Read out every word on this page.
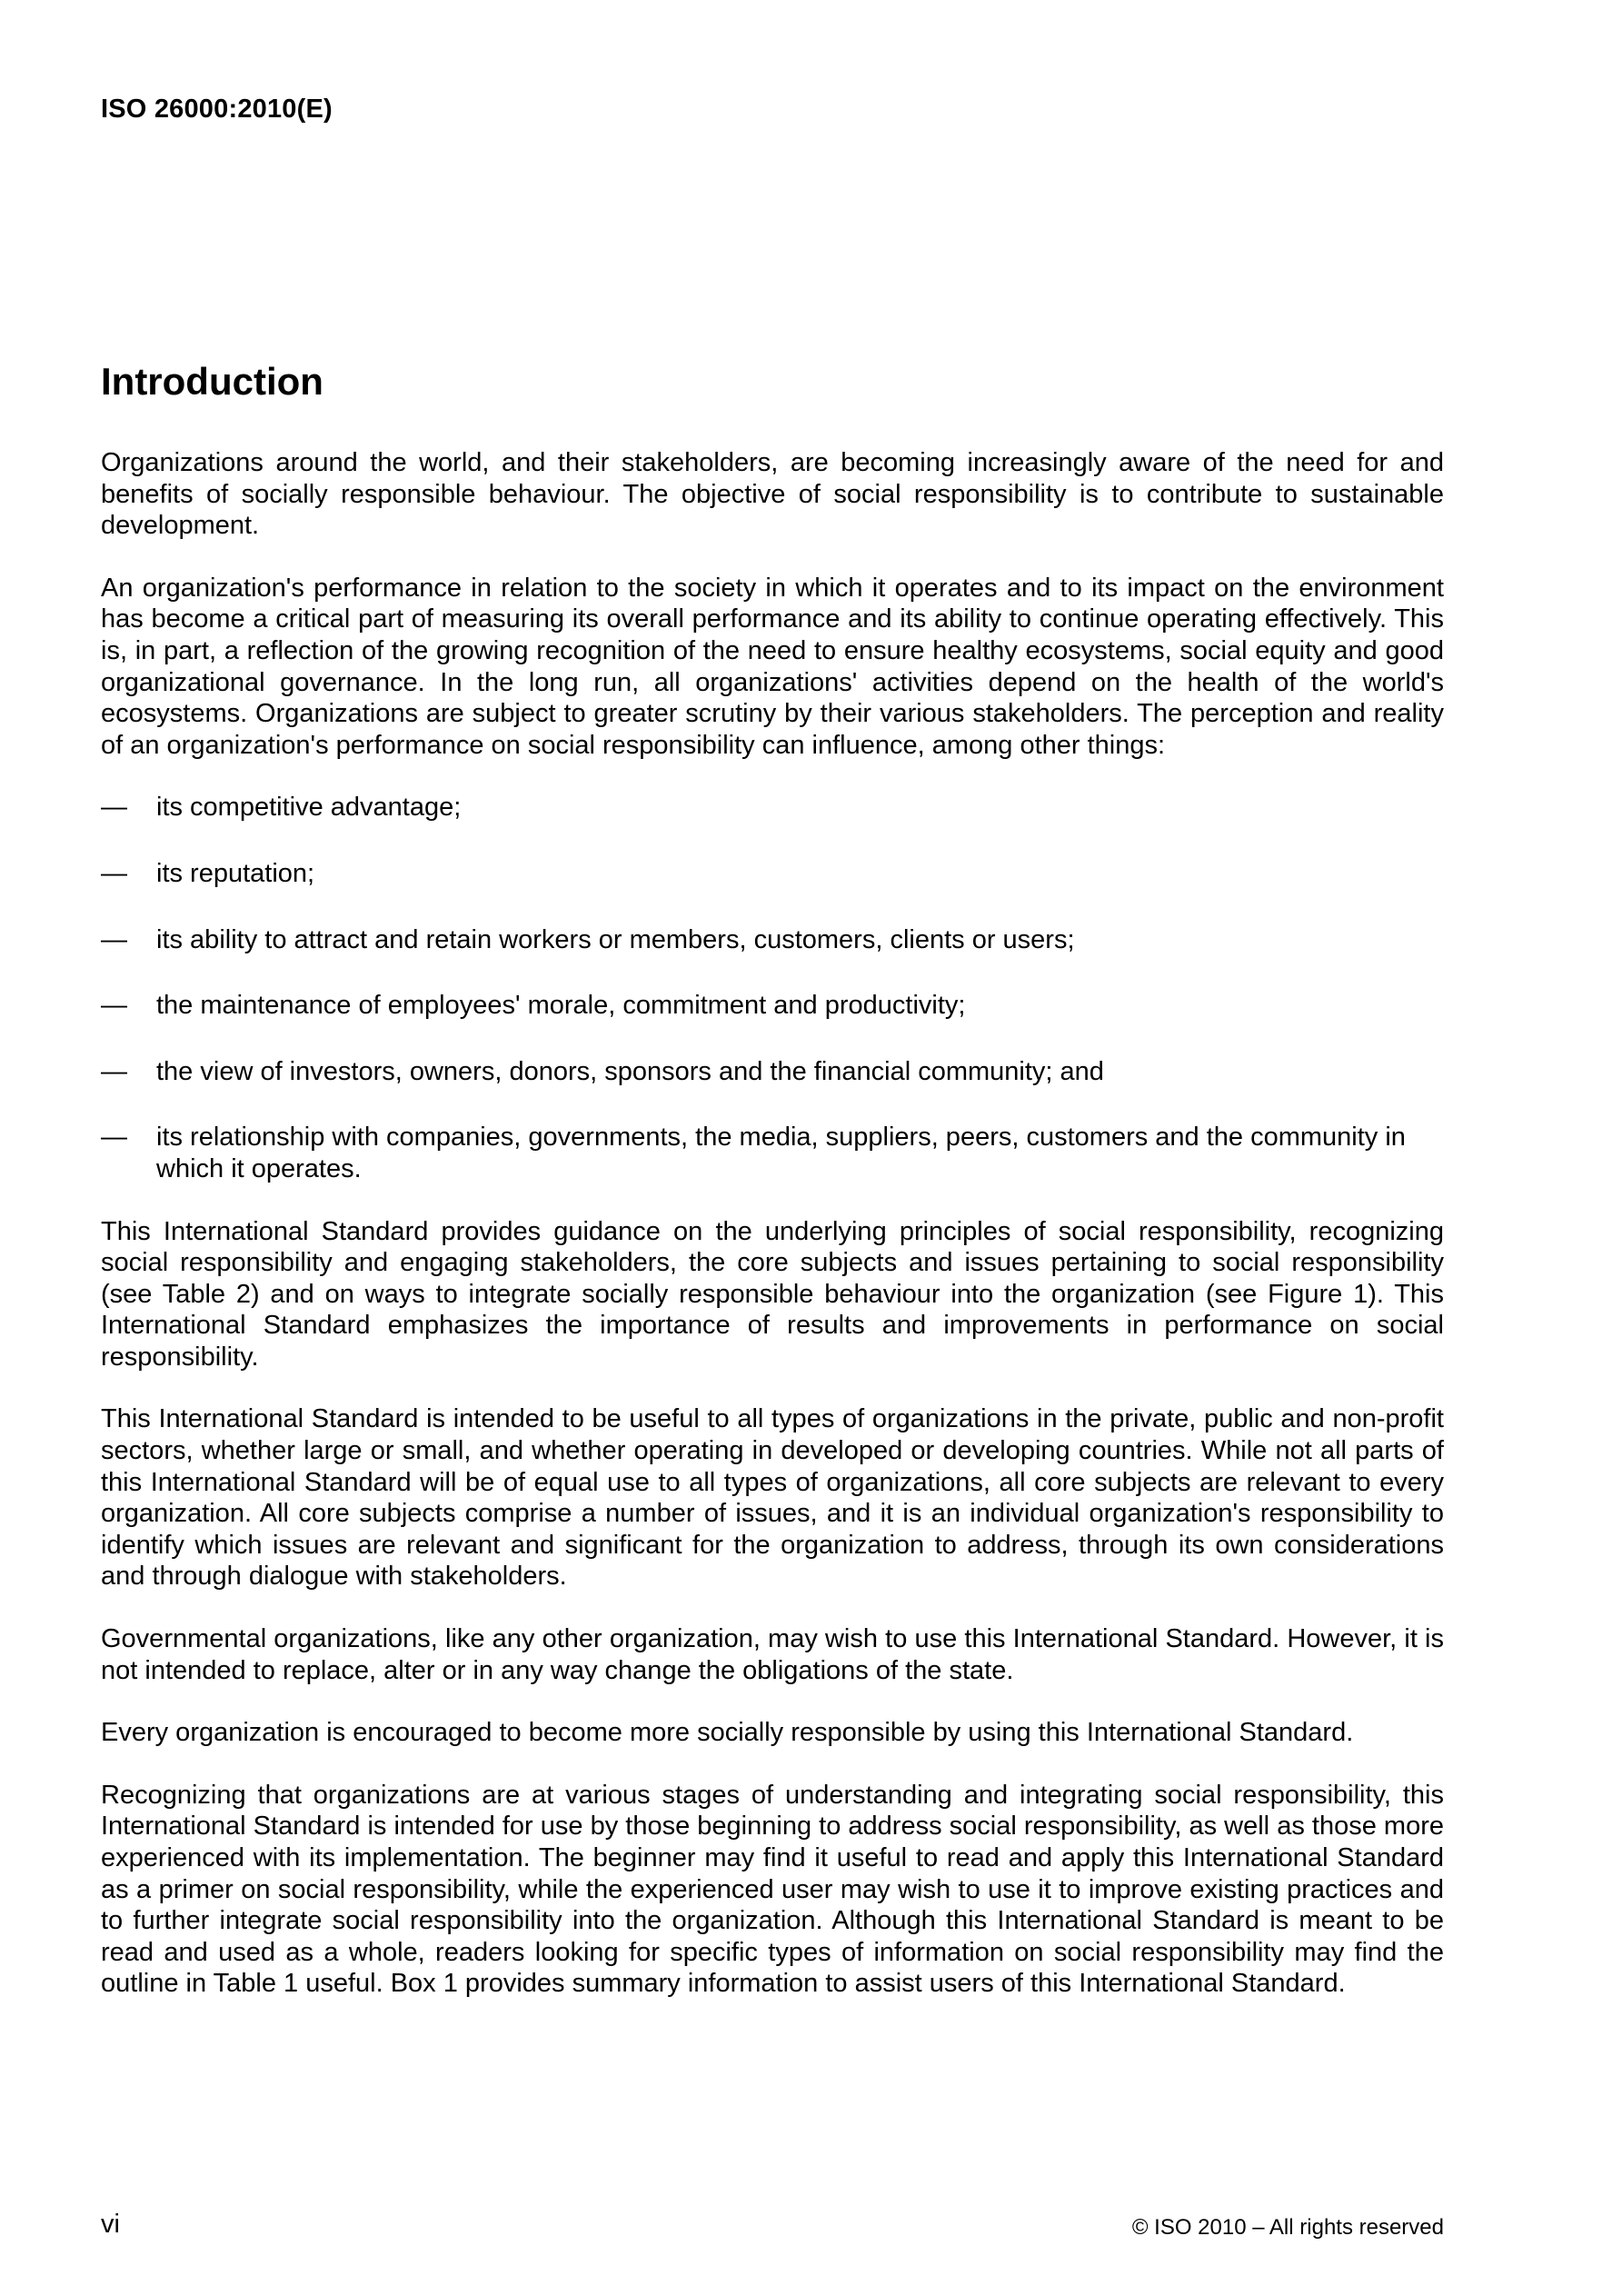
ISO 26000:2010(E)
Introduction

Organizations around the world, and their stakeholders, are becoming increasingly aware of the need for and benefits of socially responsible behaviour. The objective of social responsibility is to contribute to sustainable development.

An organization's performance in relation to the society in which it operates and to its impact on the environment has become a critical part of measuring its overall performance and its ability to continue operating effectively. This is, in part, a reflection of the growing recognition of the need to ensure healthy ecosystems, social equity and good organizational governance. In the long run, all organizations' activities depend on the health of the world's ecosystems. Organizations are subject to greater scrutiny by their various stakeholders. The perception and reality of an organization's performance on social responsibility can influence, among other things:

—	its competitive advantage;
—	its reputation;
—	its ability to attract and retain workers or members, customers, clients or users;
—	the maintenance of employees' morale, commitment and productivity;
—	the view of investors, owners, donors, sponsors and the financial community; and
—	its relationship with companies, governments, the media, suppliers, peers, customers and the community in which it operates.

This International Standard provides guidance on the underlying principles of social responsibility, recognizing social responsibility and engaging stakeholders, the core subjects and issues pertaining to social responsibility (see Table 2) and on ways to integrate socially responsible behaviour into the organization (see Figure 1). This International Standard emphasizes the importance of results and improvements in performance on social responsibility.

This International Standard is intended to be useful to all types of organizations in the private, public and non-profit sectors, whether large or small, and whether operating in developed or developing countries. While not all parts of this International Standard will be of equal use to all types of organizations, all core subjects are relevant to every organization. All core subjects comprise a number of issues, and it is an individual organization's responsibility to identify which issues are relevant and significant for the organization to address, through its own considerations and through dialogue with stakeholders.

Governmental organizations, like any other organization, may wish to use this International Standard. However, it is not intended to replace, alter or in any way change the obligations of the state.

Every organization is encouraged to become more socially responsible by using this International Standard.

Recognizing that organizations are at various stages of understanding and integrating social responsibility, this International Standard is intended for use by those beginning to address social responsibility, as well as those more experienced with its implementation. The beginner may find it useful to read and apply this International Standard as a primer on social responsibility, while the experienced user may wish to use it to improve existing practices and to further integrate social responsibility into the organization. Although this International Standard is meant to be read and used as a whole, readers looking for specific types of information on social responsibility may find the outline in Table 1 useful. Box 1 provides summary information to assist users of this International Standard.

vi	© ISO 2010 – All rights reserved
